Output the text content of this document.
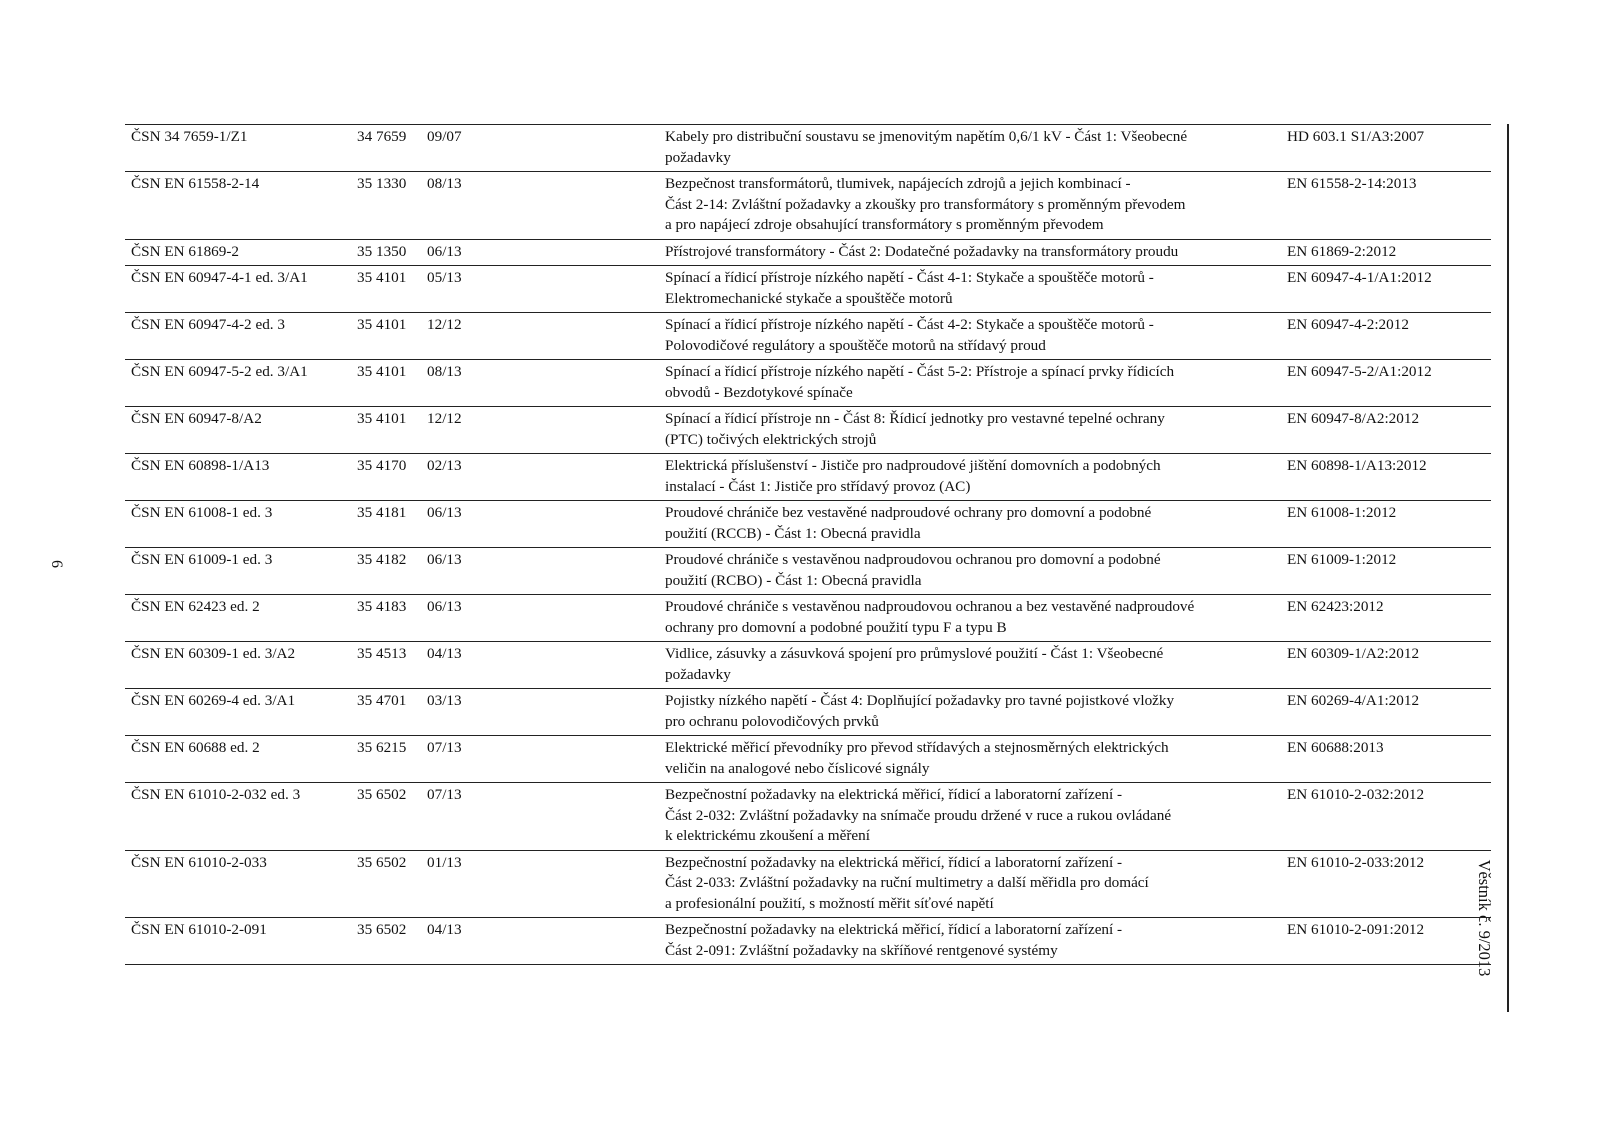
6
Věstník č. 9/2013
ČSN 34 7659-1/Z1	34 7659	09/07	Kabely pro distribuční soustavu se jmenovitým napětím 0,6/1 kV - Část 1: Všeobecné
požadavky	HD 603.1 S1/A3:2007
ČSN EN 61558-2-14	35 1330	08/13	Bezpečnost transformátorů, tlumivek, napájecích zdrojů a jejich kombinací -
Část 2-14: Zvláštní požadavky a zkoušky pro transformátory s proměnným převodem
a pro napájecí zdroje obsahující transformátory s proměnným převodem	EN 61558-2-14:2013
ČSN EN 61869-2	35 1350	06/13	Přístrojové transformátory - Část 2: Dodatečné požadavky na transformátory proudu	EN 61869-2:2012
ČSN EN 60947-4-1 ed. 3/A1	35 4101	05/13	Spínací a řídicí přístroje nízkého napětí - Část 4-1: Stykače a spouštěče motorů -
Elektromechanické stykače a spouštěče motorů	EN 60947-4-1/A1:2012
ČSN EN 60947-4-2 ed. 3	35 4101	12/12	Spínací a řídicí přístroje nízkého napětí - Část 4-2: Stykače a spouštěče motorů -
Polovodičové regulátory a spouštěče motorů na střídavý proud	EN 60947-4-2:2012
ČSN EN 60947-5-2 ed. 3/A1	35 4101	08/13	Spínací a řídicí přístroje nízkého napětí - Část 5-2: Přístroje a spínací prvky řídicích
obvodů - Bezdotykové spínače	EN 60947-5-2/A1:2012
ČSN EN 60947-8/A2	35 4101	12/12	Spínací a řídicí přístroje nn - Část 8: Řídicí jednotky pro vestavné tepelné ochrany
(PTC) točivých elektrických strojů	EN 60947-8/A2:2012
ČSN EN 60898-1/A13	35 4170	02/13	Elektrická příslušenství - Jističe pro nadproudové jištění domovních a podobných
instalací - Část 1: Jističe pro střídavý provoz (AC)	EN 60898-1/A13:2012
ČSN EN 61008-1 ed. 3	35 4181	06/13	Proudové chrániče bez vestavěné nadproudové ochrany pro domovní a podobné
použití (RCCB) - Část 1: Obecná pravidla	EN 61008-1:2012
ČSN EN 61009-1 ed. 3	35 4182	06/13	Proudové chrániče s vestavěnou nadproudovou ochranou pro domovní a podobné
použití (RCBO) - Část 1: Obecná pravidla	EN 61009-1:2012
ČSN EN 62423 ed. 2	35 4183	06/13	Proudové chrániče s vestavěnou nadproudovou ochranou a bez vestavěné nadproudové
ochrany pro domovní a podobné použití typu F a typu B	EN 62423:2012
ČSN EN 60309-1 ed. 3/A2	35 4513	04/13	Vidlice, zásuvky a zásuvková spojení pro průmyslové použití - Část 1: Všeobecné
požadavky	EN 60309-1/A2:2012
ČSN EN 60269-4 ed. 3/A1	35 4701	03/13	Pojistky nízkého napětí - Část 4: Doplňující požadavky pro tavné pojistkové vložky
pro ochranu polovodičových prvků	EN 60269-4/A1:2012
ČSN EN 60688 ed. 2	35 6215	07/13	Elektrické měřicí převodníky pro převod střídavých a stejnosměrných elektrických
veličin na analogové nebo číslicové signály	EN 60688:2013
ČSN EN 61010-2-032 ed. 3	35 6502	07/13	Bezpečnostní požadavky na elektrická měřicí, řídicí a laboratorní zařízení -
Část 2-032: Zvláštní požadavky na snímače proudu držené v ruce a rukou ovládané
k elektrickému zkoušení a měření	EN 61010-2-032:2012
ČSN EN 61010-2-033	35 6502	01/13	Bezpečnostní požadavky na elektrická měřicí, řídicí a laboratorní zařízení -
Část 2-033: Zvláštní požadavky na ruční multimetry a další měřidla pro domácí
a profesionální použití, s možností měřit síťové napětí	EN 61010-2-033:2012
ČSN EN 61010-2-091	35 6502	04/13	Bezpečnostní požadavky na elektrická měřicí, řídicí a laboratorní zařízení -
Část 2-091: Zvláštní požadavky na skříňové rentgenové systémy	EN 61010-2-091:2012
